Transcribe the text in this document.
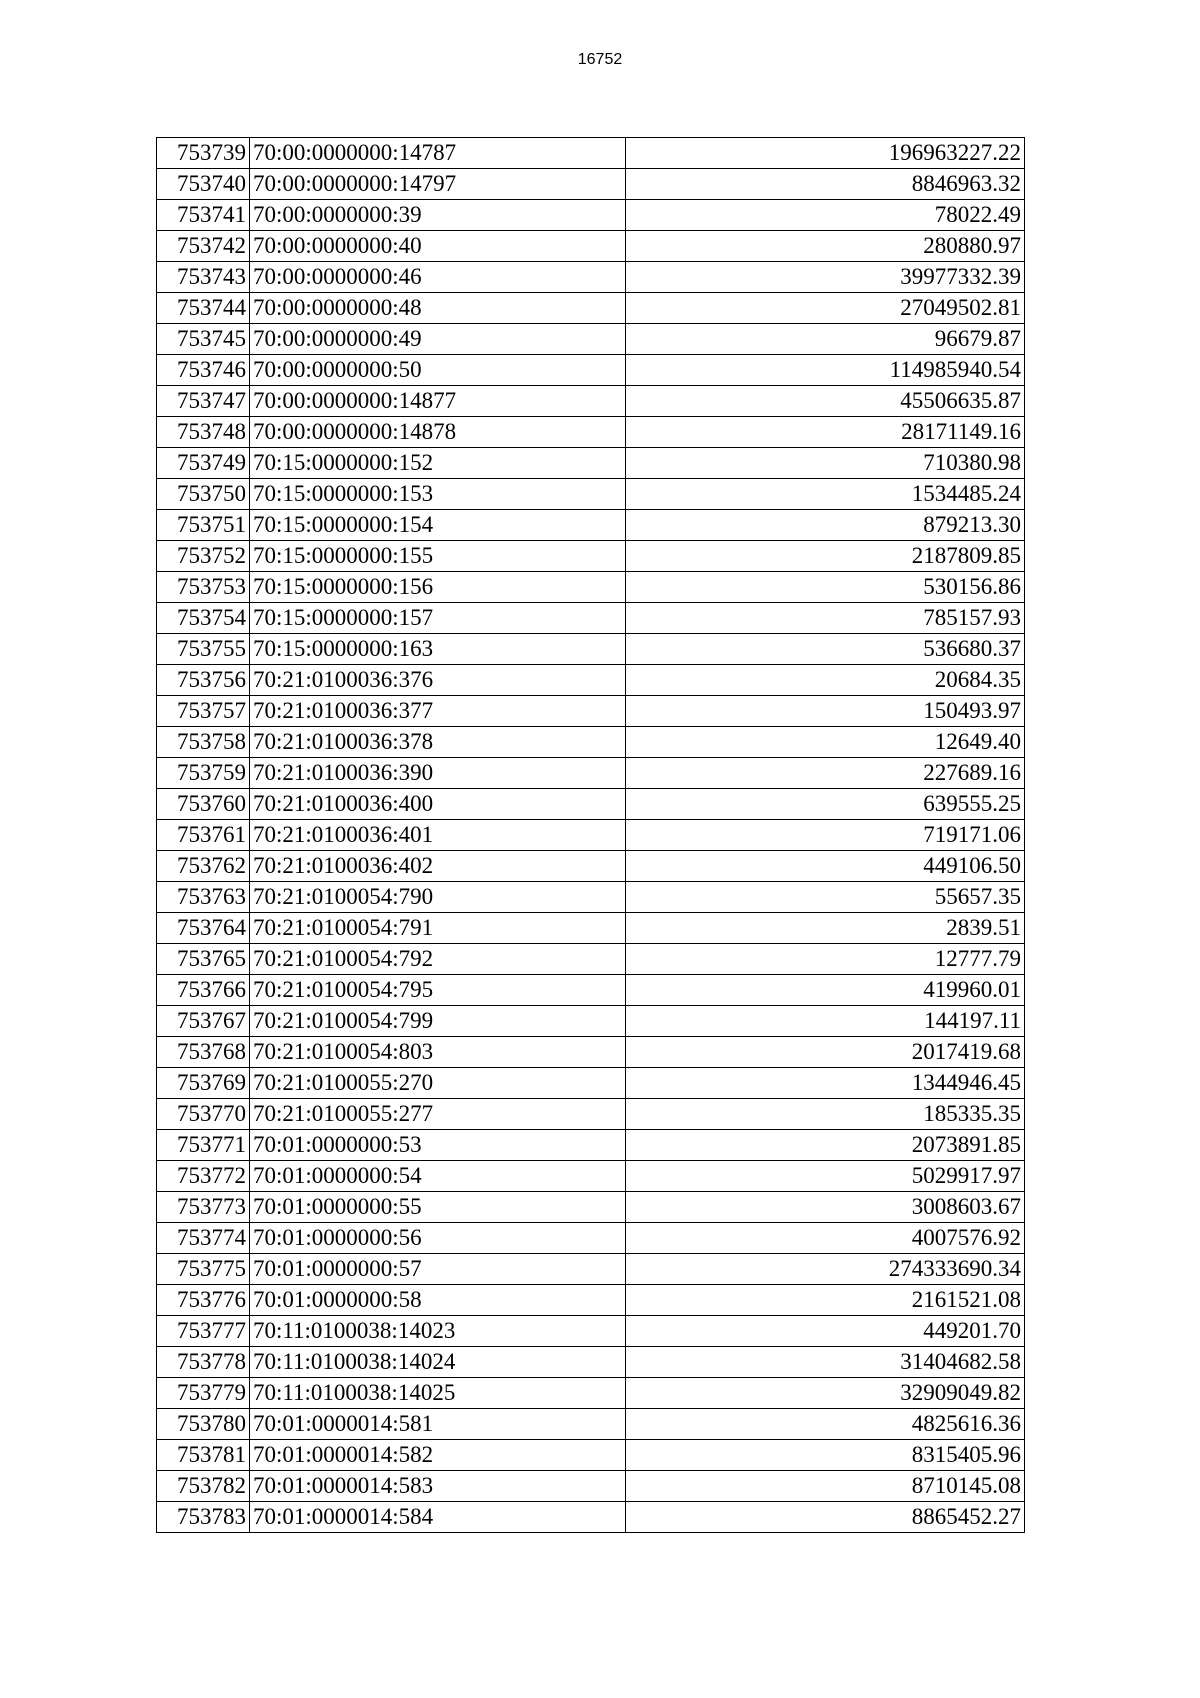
16752
753739	70:00:0000000:14787	196963227.22
753740	70:00:0000000:14797	8846963.32
753741	70:00:0000000:39	78022.49
753742	70:00:0000000:40	280880.97
753743	70:00:0000000:46	39977332.39
753744	70:00:0000000:48	27049502.81
753745	70:00:0000000:49	96679.87
753746	70:00:0000000:50	114985940.54
753747	70:00:0000000:14877	45506635.87
753748	70:00:0000000:14878	28171149.16
753749	70:15:0000000:152	710380.98
753750	70:15:0000000:153	1534485.24
753751	70:15:0000000:154	879213.30
753752	70:15:0000000:155	2187809.85
753753	70:15:0000000:156	530156.86
753754	70:15:0000000:157	785157.93
753755	70:15:0000000:163	536680.37
753756	70:21:0100036:376	20684.35
753757	70:21:0100036:377	150493.97
753758	70:21:0100036:378	12649.40
753759	70:21:0100036:390	227689.16
753760	70:21:0100036:400	639555.25
753761	70:21:0100036:401	719171.06
753762	70:21:0100036:402	449106.50
753763	70:21:0100054:790	55657.35
753764	70:21:0100054:791	2839.51
753765	70:21:0100054:792	12777.79
753766	70:21:0100054:795	419960.01
753767	70:21:0100054:799	144197.11
753768	70:21:0100054:803	2017419.68
753769	70:21:0100055:270	1344946.45
753770	70:21:0100055:277	185335.35
753771	70:01:0000000:53	2073891.85
753772	70:01:0000000:54	5029917.97
753773	70:01:0000000:55	3008603.67
753774	70:01:0000000:56	4007576.92
753775	70:01:0000000:57	274333690.34
753776	70:01:0000000:58	2161521.08
753777	70:11:0100038:14023	449201.70
753778	70:11:0100038:14024	31404682.58
753779	70:11:0100038:14025	32909049.82
753780	70:01:0000014:581	4825616.36
753781	70:01:0000014:582	8315405.96
753782	70:01:0000014:583	8710145.08
753783	70:01:0000014:584	8865452.27
